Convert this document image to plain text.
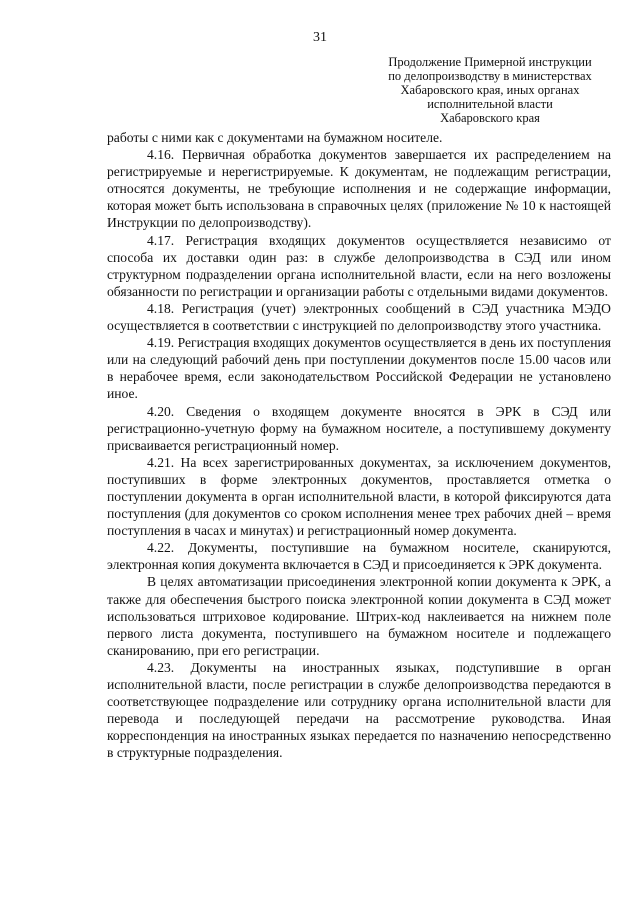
31
Продолжение Примерной инструкции
по делопроизводству в министерствах
Хабаровского края, иных органах
исполнительной власти
Хабаровского края

работы с ними как с документами на бумажном носителе.

4.16. Первичная обработка документов завершается их распределением на регистрируемые и нерегистрируемые. К документам, не подлежащим регистрации, относятся документы, не требующие исполнения и не содержащие информации, которая может быть использована в справочных целях (приложение № 10 к настоящей Инструкции по делопроизводству).

4.17. Регистрация входящих документов осуществляется независимо от способа их доставки один раз: в службе делопроизводства в СЭД или ином структурном подразделении органа исполнительной власти, если на него возложены обязанности по регистрации и организации работы с отдельными видами документов.

4.18. Регистрация (учет) электронных сообщений в СЭД участника МЭДО осуществляется в соответствии с инструкцией по делопроизводству этого участника.

4.19. Регистрация входящих документов осуществляется в день их поступления или на следующий рабочий день при поступлении документов после 15.00 часов или в нерабочее время, если законодательством Российской Федерации не установлено иное.

4.20. Сведения о входящем документе вносятся в ЭРК в СЭД или регистрационно-учетную форму на бумажном носителе, а поступившему документу присваивается регистрационный номер.

4.21. На всех зарегистрированных документах, за исключением документов, поступивших в форме электронных документов, проставляется отметка о поступлении документа в орган исполнительной власти, в которой фиксируются дата поступления (для документов со сроком исполнения менее трех рабочих дней – время поступления в часах и минутах) и регистрационный номер документа.

4.22. Документы, поступившие на бумажном носителе, сканируются, электронная копия документа включается в СЭД и присоединяется к ЭРК документа.

В целях автоматизации присоединения электронной копии документа к ЭРК, а также для обеспечения быстрого поиска электронной копии документа в СЭД может использоваться штриховое кодирование. Штрих-код наклеивается на нижнем поле первого листа документа, поступившего на бумажном носителе и подлежащего сканированию, при его регистрации.

4.23. Документы на иностранных языках, подступившие в орган исполнительной власти, после регистрации в службе делопроизводства передаются в соответствующее подразделение или сотруднику органа исполнительной власти для перевода и последующей передачи на рассмотрение руководства. Иная корреспонденция на иностранных языках передается по назначению непосредственно в структурные подразделения.
